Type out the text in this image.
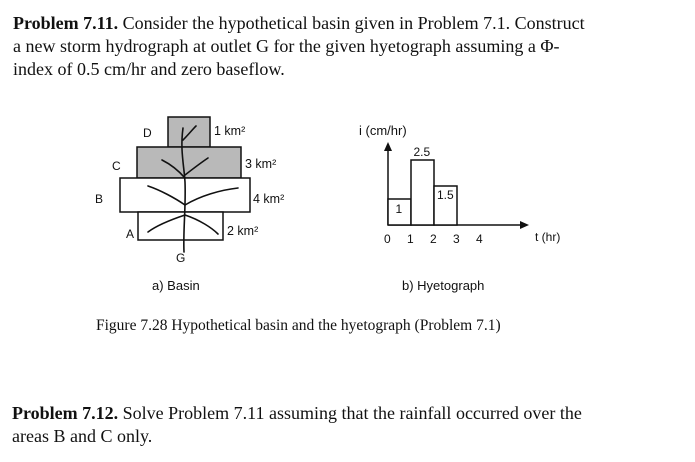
Problem 7.11. Consider the hypothetical basin given in Problem 7.1. Construct
a new storm hydrograph at outlet G for the given hyetograph assuming a Φ-
index of 0.5 cm/hr and zero baseflow.
D
C
B
A
G
1 km²
3 km²
4 km²
2 km²
i (cm/hr)
1
2.5
1.5
0 1 2 3 4	t (hr)
a) Basin	b) Hyetograph
Figure 7.28 Hypothetical basin and the hyetograph (Problem 7.1)
Problem 7.12. Solve Problem 7.11 assuming that the rainfall occurred over the
areas B and C only.
